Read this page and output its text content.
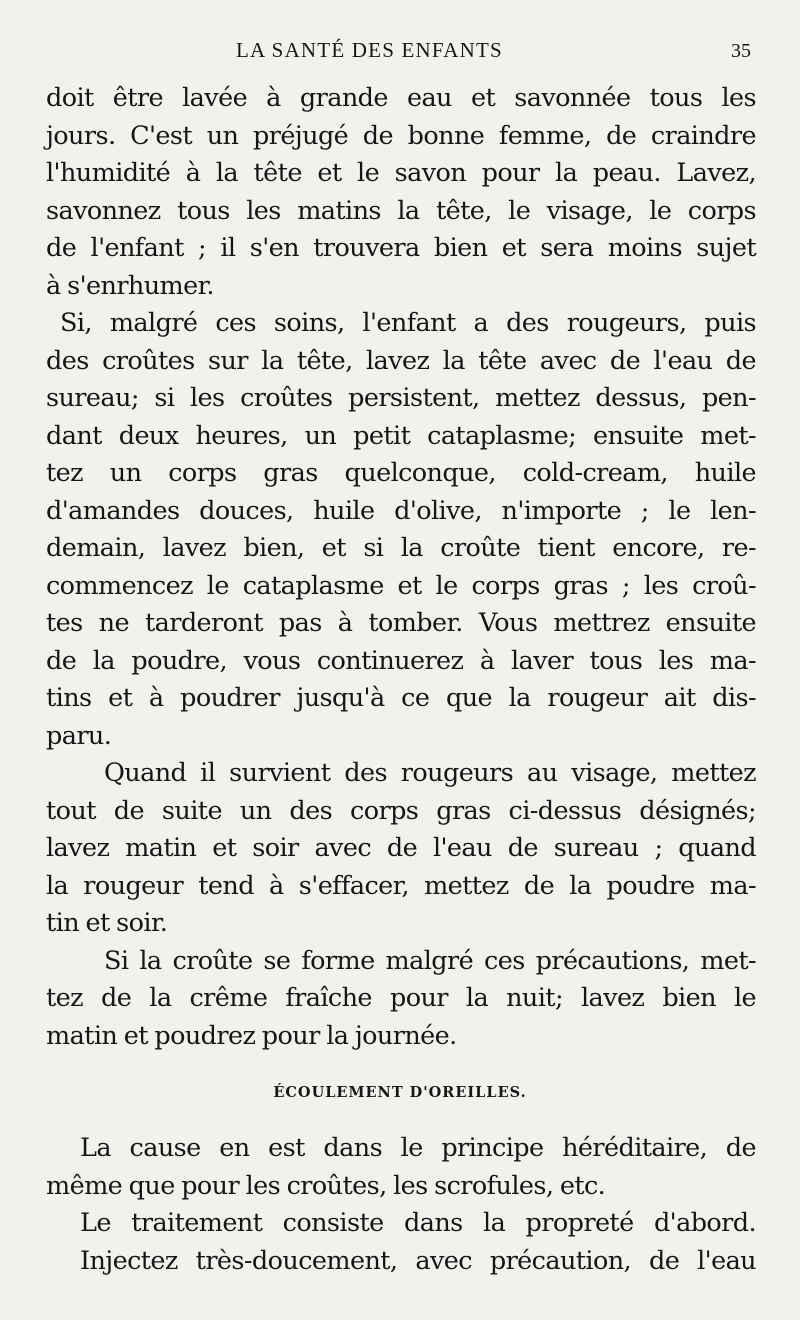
LA SANTÉ DES ENFANTS	35
doit être lavée à grande eau et savonnée tous les
jours. C'est un préjugé de bonne femme, de craindre
l'humidité à la tête et le savon pour la peau. Lavez,
savonnez tous les matins la tête, le visage, le corps
de l'enfant ; il s'en trouvera bien et sera moins sujet
à s'enrhumer.
Si, malgré ces soins, l'enfant a des rougeurs, puis
des croûtes sur la tête, lavez la tête avec de l'eau de
sureau; si les croûtes persistent, mettez dessus, pen-
dant deux heures, un petit cataplasme; ensuite met-
tez un corps gras quelconque, cold-cream, huile
d'amandes douces, huile d'olive, n'importe ; le len-
demain, lavez bien, et si la croûte tient encore, re-
commencez le cataplasme et le corps gras ; les croû-
tes ne tarderont pas à tomber. Vous mettrez ensuite
de la poudre, vous continuerez à laver tous les ma-
tins et à poudrer jusqu'à ce que la rougeur ait dis-
paru.
Quand il survient des rougeurs au visage, mettez
tout de suite un des corps gras ci-dessus désignés;
lavez matin et soir avec de l'eau de sureau ; quand
la rougeur tend à s'effacer, mettez de la poudre ma-
tin et soir.
Si la croûte se forme malgré ces précautions, met-
tez de la crême fraîche pour la nuit; lavez bien le
matin et poudrez pour la journée.
ÉCOULEMENT D'OREILLES.
La cause en est dans le principe héréditaire, de
même que pour les croûtes, les scrofules, etc.
Le traitement consiste dans la propreté d'abord.
Injectez très-doucement, avec précaution, de l'eau
